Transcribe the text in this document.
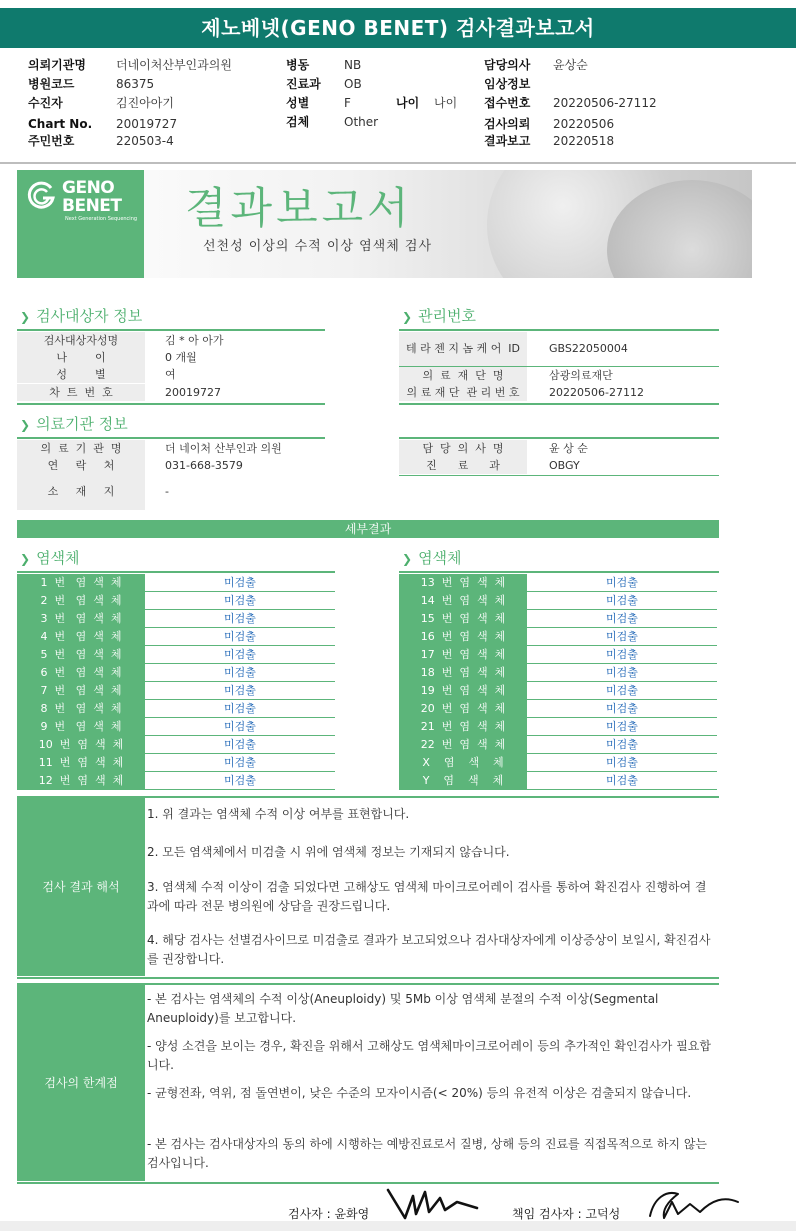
제노베넷(GENO BENET) 검사결과보고서
의뢰기관명	더네이처산부인과의원
병원코드	86375
수진자	김진아아기
Chart No. 20019727
주민번호	220503-4
병동	NB
진료과 OB
성별	F	나이 나이
검체	Other
담당의사 윤상순
임상정보
접수번호 20220506-27112
검사의뢰 20220506
결과보고 20220518
GENO
BENET
Next Generation Sequencing 결과보고서
선천성 이상의 수적 이상 염색체 검사
❯ 검사대상자 정보
검사대상자성명	김 * 아 아가
나        이	0 개월
성        별	여
차  트  번  호	20019727
❯ 관리번호
테 라 젠 지 놈 케 어  ID	GBS22050004
의  료  재  단  명	삼광의료재단
의 료 재 단  관 리 번 호	20220506-27112
❯ 의료기관 정보
의  료  기  관  명	더 네이처 산부인과 의원
연     락     처	031-668-3579
소     재     지	-
담  당  의  사  명	윤 상 순
진      료      과	OBGY
세부결과
❯ 염색체	❯ 염색체
1  번   염  색  체	미검출
2  번   염  색  체	미검출
3  번   염  색  체	미검출
4  번   염  색  체	미검출
5  번   염  색  체	미검출
6  번   염  색  체	미검출
7  번   염  색  체	미검출
8  번   염  색  체	미검출
9  번   염  색  체	미검출
10  번  염  색  체	미검출
11  번  염  색  체	미검출
12  번  염  색  체	미검출
13  번  염  색  체	미검출
14  번  염  색  체	미검출
15  번  염  색  체	미검출
16  번  염  색  체	미검출
17  번  염  색  체	미검출
18  번  염  색  체	미검출
19  번  염  색  체	미검출
20  번  염  색  체	미검출
21  번  염  색  체	미검출
22  번  염  색  체	미검출
X    염    색    체	미검출
Y    염    색    체	미검출
검사 결과 해석

1. 위 결과는 염색체 수적 이상 여부를 표현합니다.

2. 모든 염색체에서 미검출 시 위에 염색체 정보는 기재되지 않습니다.

3. 염색체 수적 이상이 검출 되었다면 고해상도 염색체 마이크로어레이 검사를 통하여 확진검사 진행하여 결과에 따라 전문 병의원에 상담을 권장드립니다.

4. 해당 검사는 선별검사이므로 미검출로 결과가 보고되었으나 검사대상자에게 이상증상이 보일시, 확진검사를 권장합니다.

검사의 한계점

- 본 검사는 염색체의 수적 이상(Aneuploidy) 및 5Mb 이상 염색체 분절의 수적 이상(Segmental Aneuploidy)를 보고합니다.

- 양성 소견을 보이는 경우, 확진을 위해서 고해상도 염색체마이크로어레이 등의 추가적인 확인검사가 필요합니다.

- 균형전좌, 역위, 점 돌연변이, 낮은 수준의 모자이시즘(< 20%) 등의 유전적 이상은 검출되지 않습니다.

- 본 검사는 검사대상자의 동의 하에 시행하는 예방진료로서 질병, 상해 등의 진료를 직접목적으로 하지 않는 검사입니다.

검사자 : 윤화영	책임 검사자 : 고덕성
